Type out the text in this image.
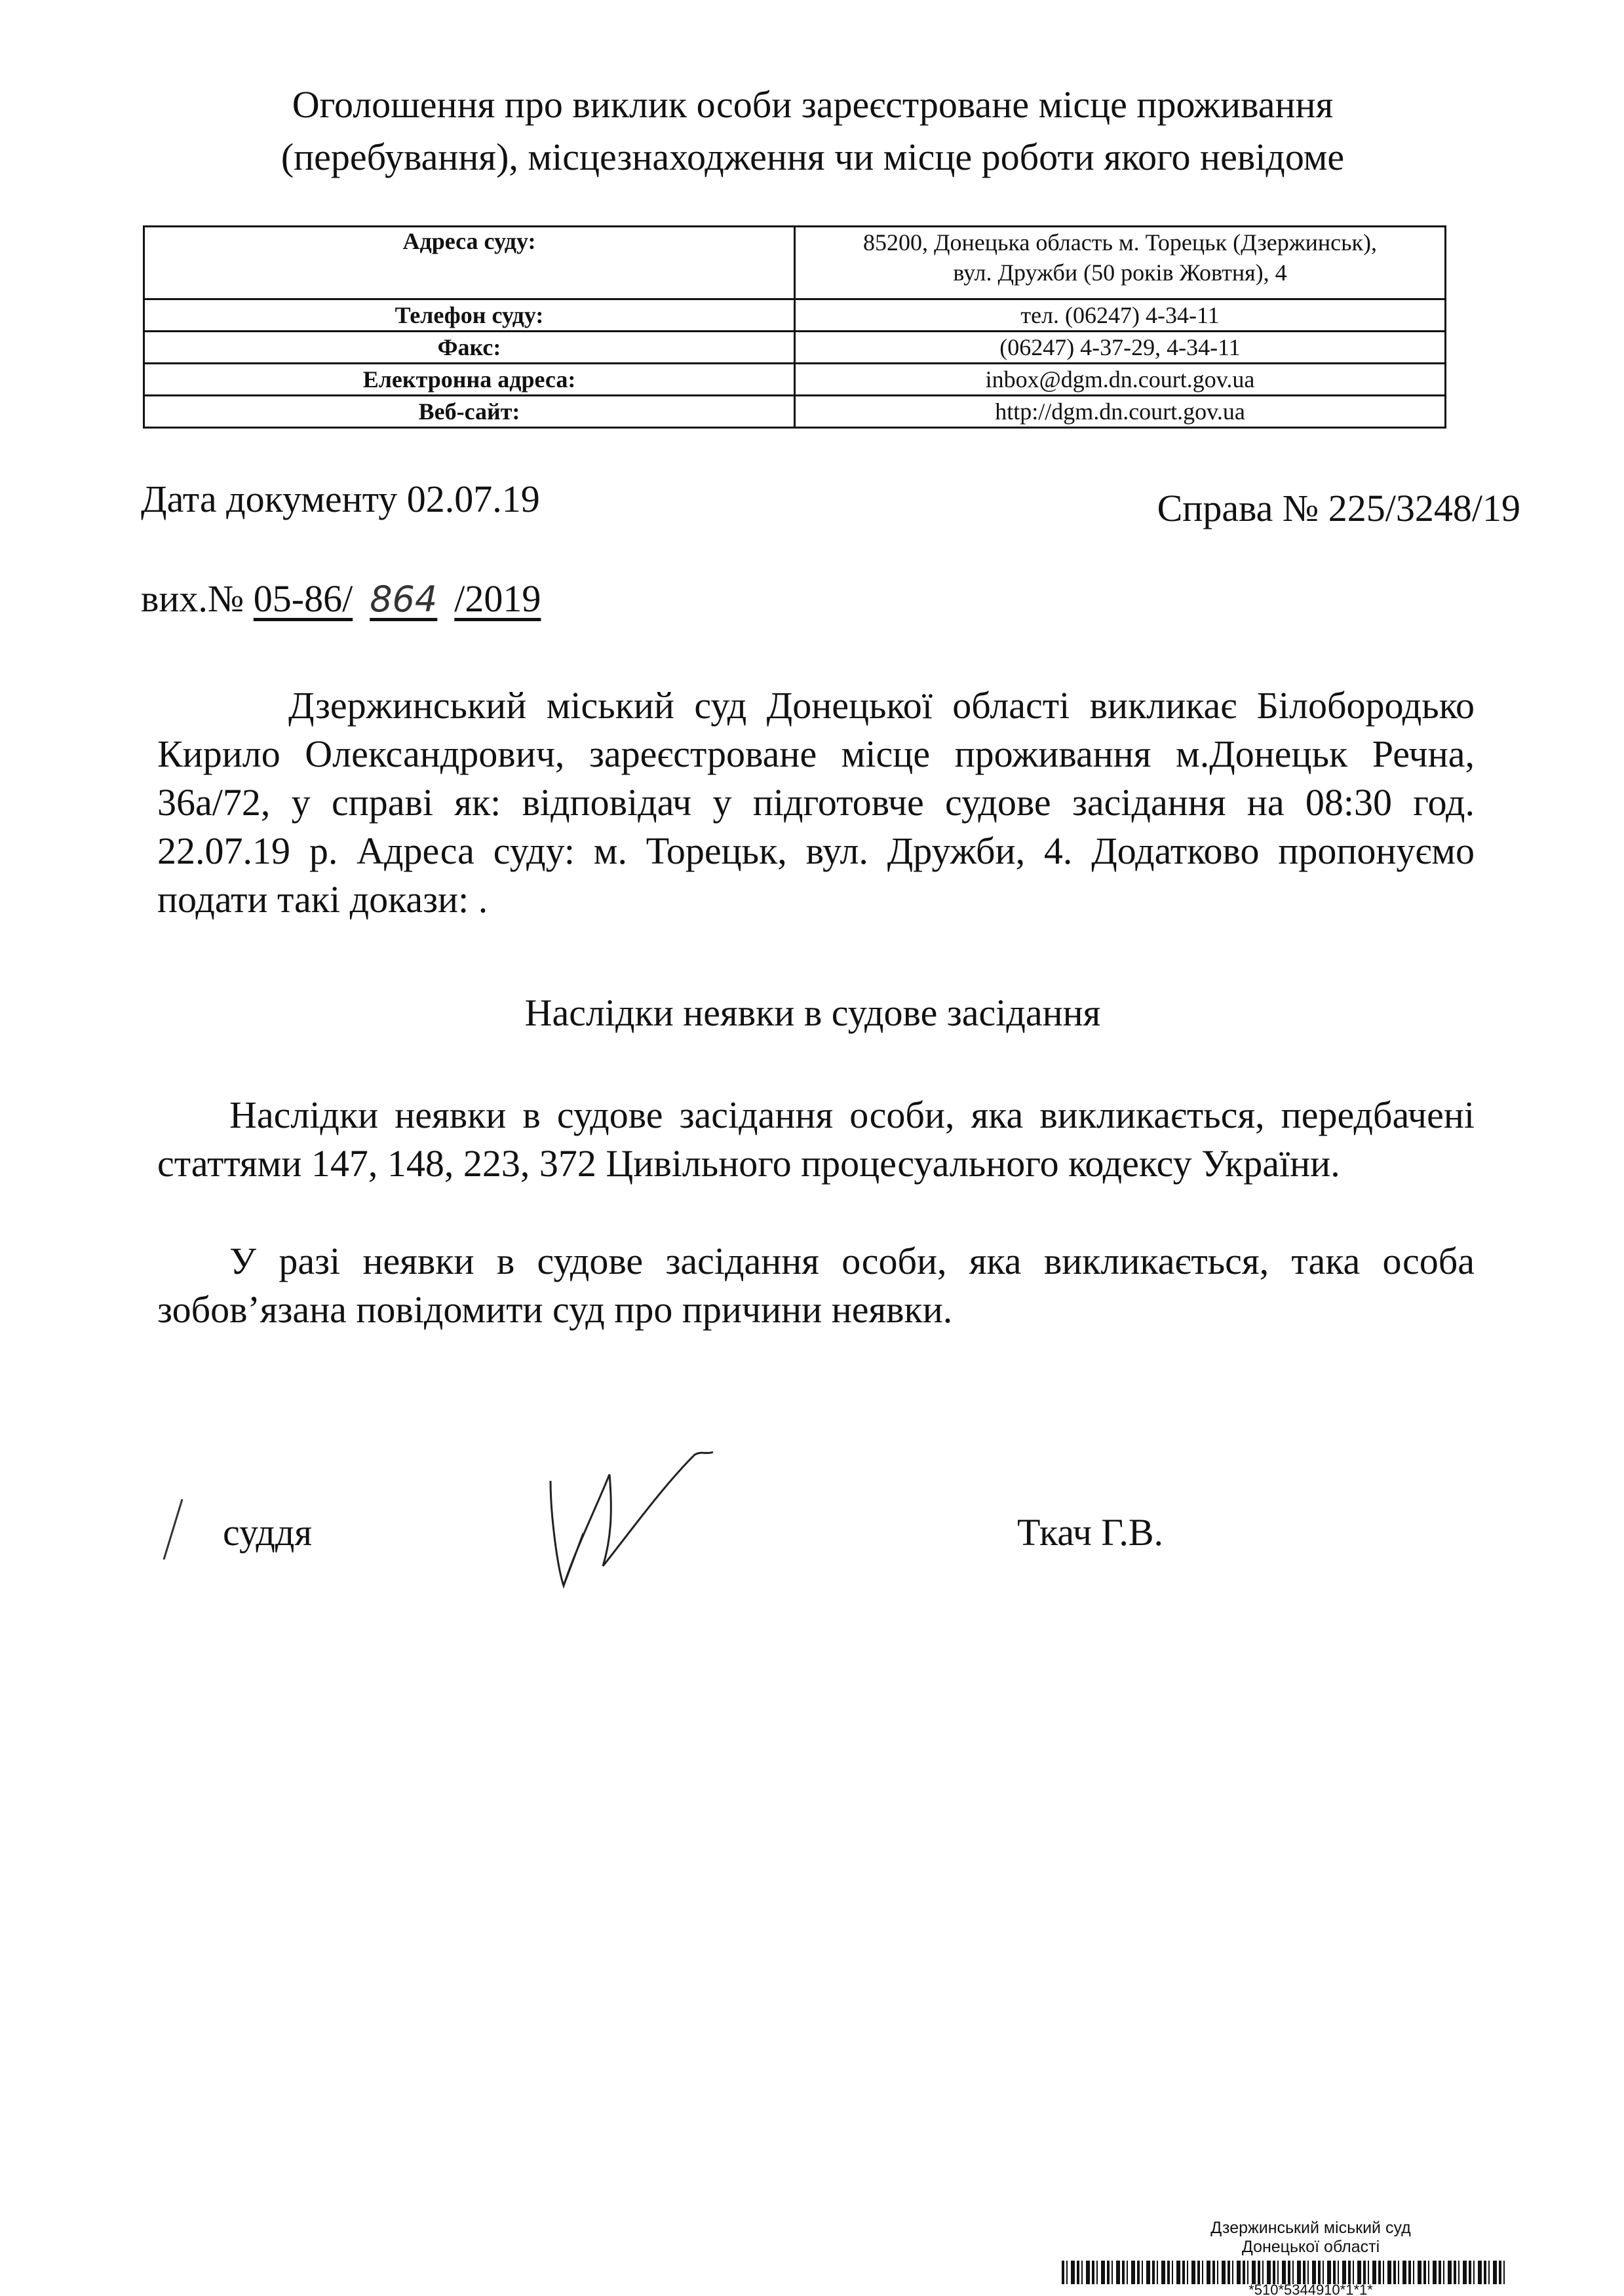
Оголошення про виклик особи зареєстроване місце проживання
(перебування), місцезнаходження чи місце роботи якого невідоме
Адреса суду:	85200, Донецька область м. Торецьк (Дзержинськ),
вул. Дружби (50 років Жовтня), 4

Телефон суду:	тел. (06247) 4-34-11
Факс:	(06247) 4-37-29, 4-34-11
Електронна адреса:	inbox@dgm.dn.court.gov.ua
Веб-сайт:	http://dgm.dn.court.gov.ua
Дата документу 02.07.19	Справа № 225/3248/19
вих.№ 05-86/ 864 /2019
Дзержинський міський суд Донецької області викликає Білобородько Кирило Олександрович, зареєстроване місце проживання м.Донецьк Речна, 36а/72, у справі як: відповідач у підготовче судове засідання на 08:30 год. 22.07.19 р. Адреса суду: м. Торецьк, вул. Дружби, 4. Додатково пропонуємо подати такі докази: .
Наслідки неявки в судове засідання
Наслідки неявки в судове засідання особи, яка викликається, передбачені статтями 147, 148, 223, 372 Цивільного процесуального кодексу України.
У разі неявки в судове засідання особи, яка викликається, така особа зобов’язана повідомити суд про причини неявки.
суддя	Ткач Г.В.
Дзержинський міський суд
Донецької області
*510*5344910*1*1*
